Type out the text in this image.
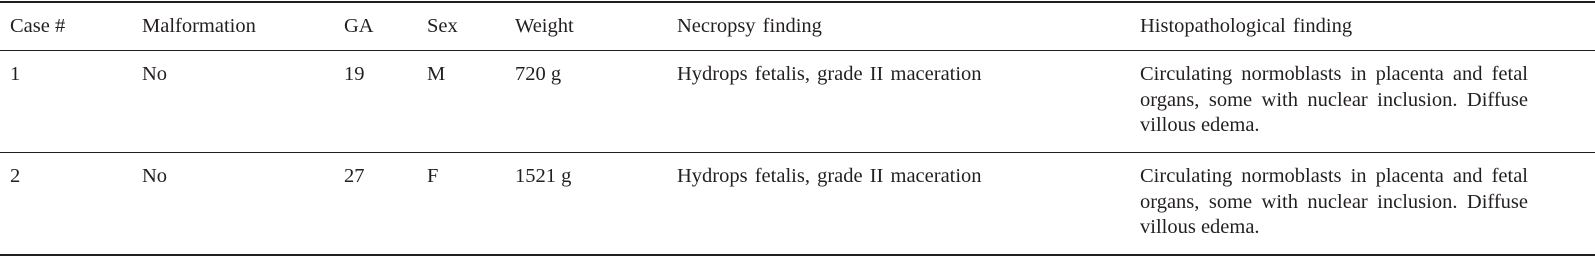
Case #	Malformation	GA	Sex	Weight	Necropsy finding	Histopathological finding
1	No	19	M	720 g	Hydrops fetalis, grade II maceration	Circulating normoblasts in placenta and fetal organs, some with nuclear inclusion. Diffuse villous edema.
2	No	27	F	1521 g	Hydrops fetalis, grade II maceration	Circulating normoblasts in placenta and fetal organs, some with nuclear inclusion. Diffuse villous edema.
